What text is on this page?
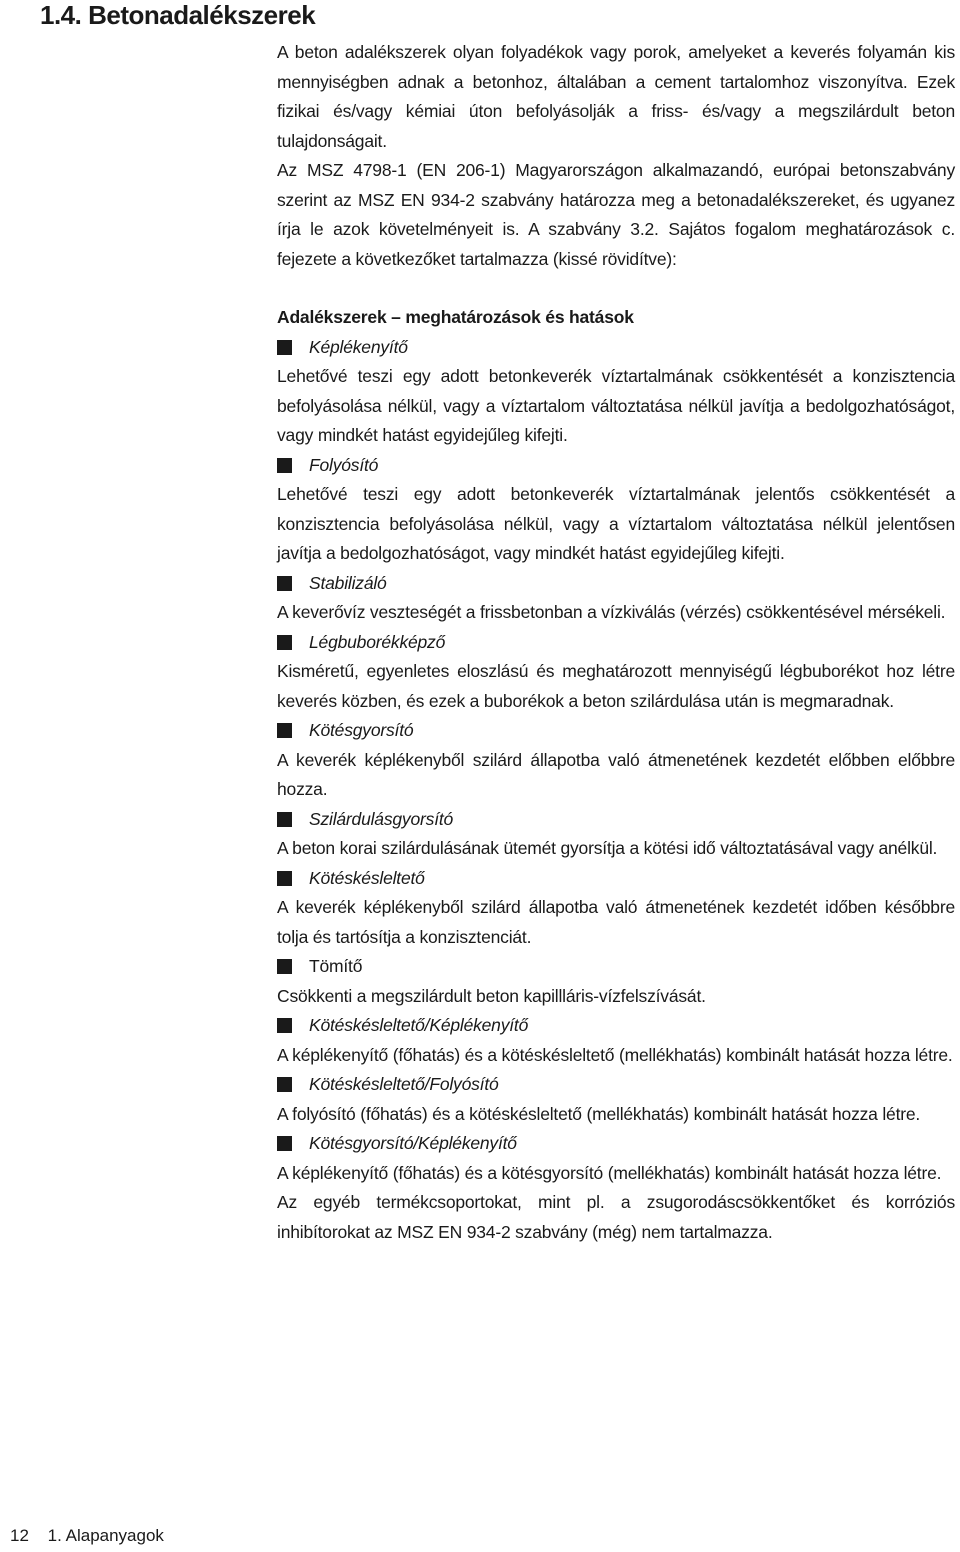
1.4. Betonadalékszerek

A beton adalékszerek olyan folyadékok vagy porok, amelyeket a keverés folyamán kis mennyiségben adnak a betonhoz, általában a cement tartalomhoz viszonyítva. Ezek fizikai és/vagy kémiai úton befolyásolják a friss- és/vagy a megszilárdult beton tulajdonságait.

Az MSZ 4798-1 (EN 206-1) Magyarországon alkalmazandó, európai betonszabvány szerint az MSZ EN 934-2 szabvány határozza meg a betonadalékszereket, és ugyanez írja le azok követelményeit is. A szabvány 3.2. Sajátos fogalom meghatározások c. fejezete a következőket tartalmazza (kissé rövidítve):

Adalékszerek – meghatározások és hatások

Képlékenyítő

Lehetővé teszi egy adott betonkeverék víztartalmának csökkentését a konzisztencia befolyásolása nélkül, vagy a víztartalom változtatása nélkül javítja a bedolgozhatóságot, vagy mindkét hatást egyidejűleg kifejti.

Folyósító

Lehetővé teszi egy adott betonkeverék víztartalmának jelentős csökkentését a konzisztencia befolyásolása nélkül, vagy a víztartalom változtatása nélkül jelentősen javítja a bedolgozhatóságot, vagy mindkét hatást egyidejűleg kifejti.

Stabilizáló

A keverővíz veszteségét a frissbetonban a vízkiválás (vérzés) csökkentésével mérsékeli.

Légbuborékképző

Kisméretű, egyenletes eloszlású és meghatározott mennyiségű légbuborékot hoz létre keverés közben, és ezek a buborékok a beton szilárdulása után is megmaradnak.

Kötésgyorsító

A keverék képlékenyből szilárd állapotba való átmenetének kezdetét előbben előbbre hozza.

Szilárdulásgyorsító

A beton korai szilárdulásának ütemét gyorsítja a kötési idő változtatásával vagy anélkül.

Kötéskésleltető

A keverék képlékenyből szilárd állapotba való átmenetének kezdetét időben későbbre tolja és tartósítja a konzisztenciát.

Tömítő

Csökkenti a megszilárdult beton kapillláris-vízfelszívását.

Kötéskésleltető/Képlékenyítő

A képlékenyítő (főhatás) és a kötéskésleltető (mellékhatás) kombinált hatását hozza létre.

Kötéskésleltető/Folyósító

A folyósító (főhatás) és a kötéskésleltető (mellékhatás) kombinált hatását hozza létre.

Kötésgyorsító/Képlékenyítő

A képlékenyítő (főhatás) és a kötésgyorsító (mellékhatás) kombinált hatását hozza létre.

Az egyéb termékcsoportokat, mint pl. a zsugorodáscsökkentőket és korróziós inhibítorokat az MSZ EN 934-2 szabvány (még) nem tartalmazza.

12 1. Alapanyagok
